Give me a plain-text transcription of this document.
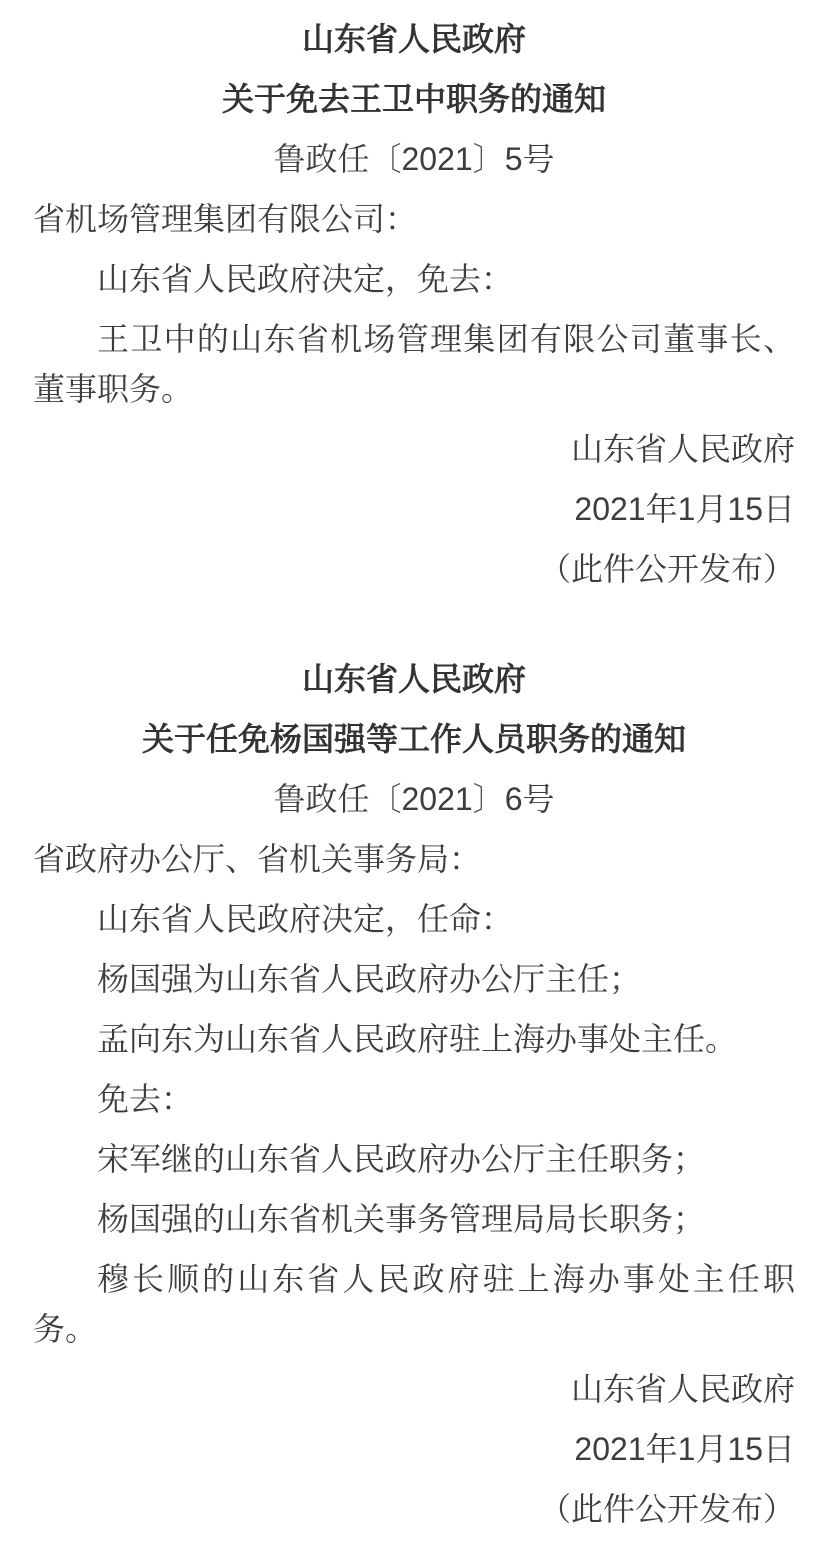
山东省人民政府

关于免去王卫中职务的通知

鲁政任〔2021〕5号

省机场管理集团有限公司：

山东省人民政府决定，免去：

王卫中的山东省机场管理集团有限公司董事长、董事职务。

山东省人民政府

2021年1月15日

（此件公开发布）

山东省人民政府

关于任免杨国强等工作人员职务的通知

鲁政任〔2021〕6号

省政府办公厅、省机关事务局：

山东省人民政府决定，任命：

杨国强为山东省人民政府办公厅主任；

孟向东为山东省人民政府驻上海办事处主任。

免去：

宋军继的山东省人民政府办公厅主任职务；

杨国强的山东省机关事务管理局局长职务；

穆长顺的山东省人民政府驻上海办事处主任职务。

山东省人民政府

2021年1月15日

（此件公开发布）
